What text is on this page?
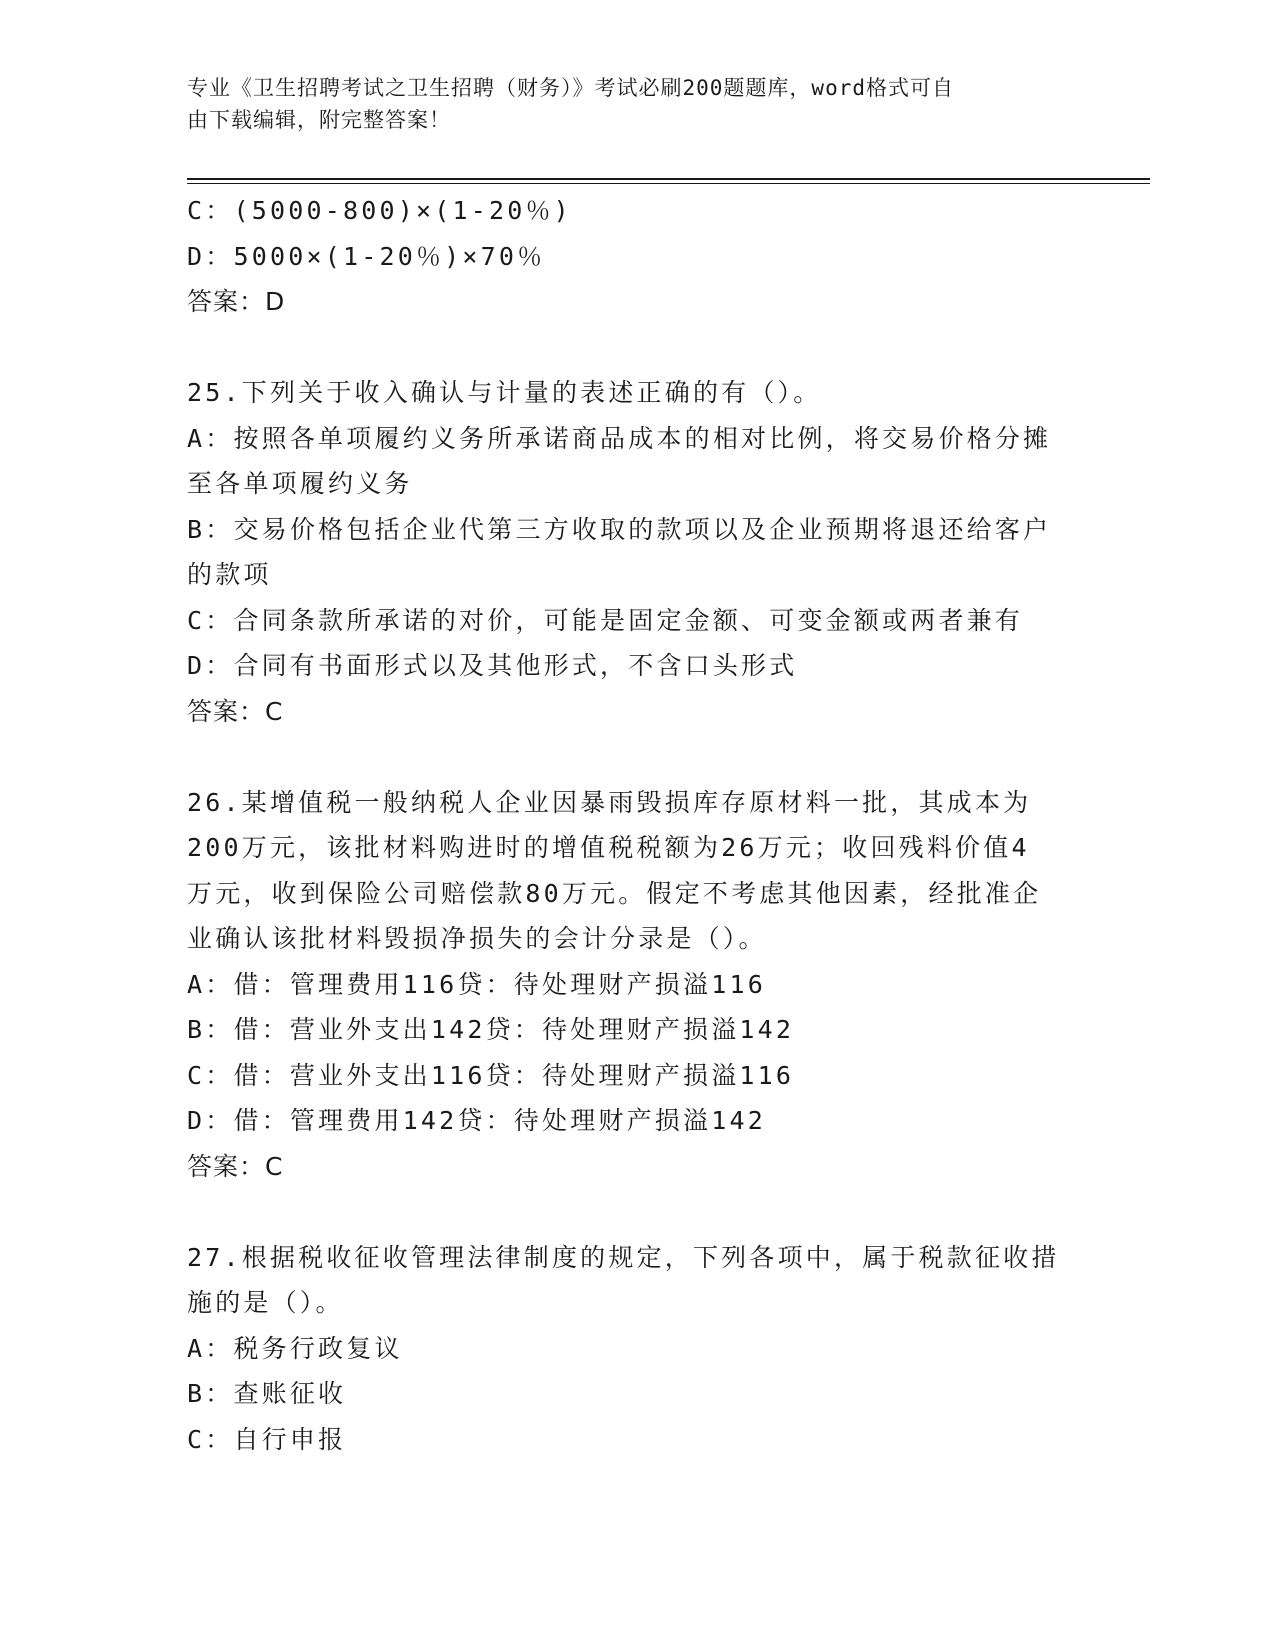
专业《卫生招聘考试之卫生招聘（财务）》考试必刷200题题库，word格式可自
由下载编辑，附完整答案！
C：(5000-800)×(1-20％)
D：5000×(1-20％)×70％
答案：D
25.下列关于收入确认与计量的表述正确的有（）。
A：按照各单项履约义务所承诺商品成本的相对比例，将交易价格分摊
至各单项履约义务
B：交易价格包括企业代第三方收取的款项以及企业预期将退还给客户
的款项
C：合同条款所承诺的对价，可能是固定金额、可变金额或两者兼有
D：合同有书面形式以及其他形式，不含口头形式
答案：C
26.某增值税一般纳税人企业因暴雨毁损库存原材料一批，其成本为
200万元，该批材料购进时的增值税税额为26万元；收回残料价值4
万元，收到保险公司赔偿款80万元。假定不考虑其他因素，经批准企
业确认该批材料毁损净损失的会计分录是（）。
A：借：管理费用116贷：待处理财产损溢116
B：借：营业外支出142贷：待处理财产损溢142
C：借：营业外支出116贷：待处理财产损溢116
D：借：管理费用142贷：待处理财产损溢142
答案：C
27.根据税收征收管理法律制度的规定，下列各项中，属于税款征收措
施的是（）。
A：税务行政复议
B：查账征收
C：自行申报
